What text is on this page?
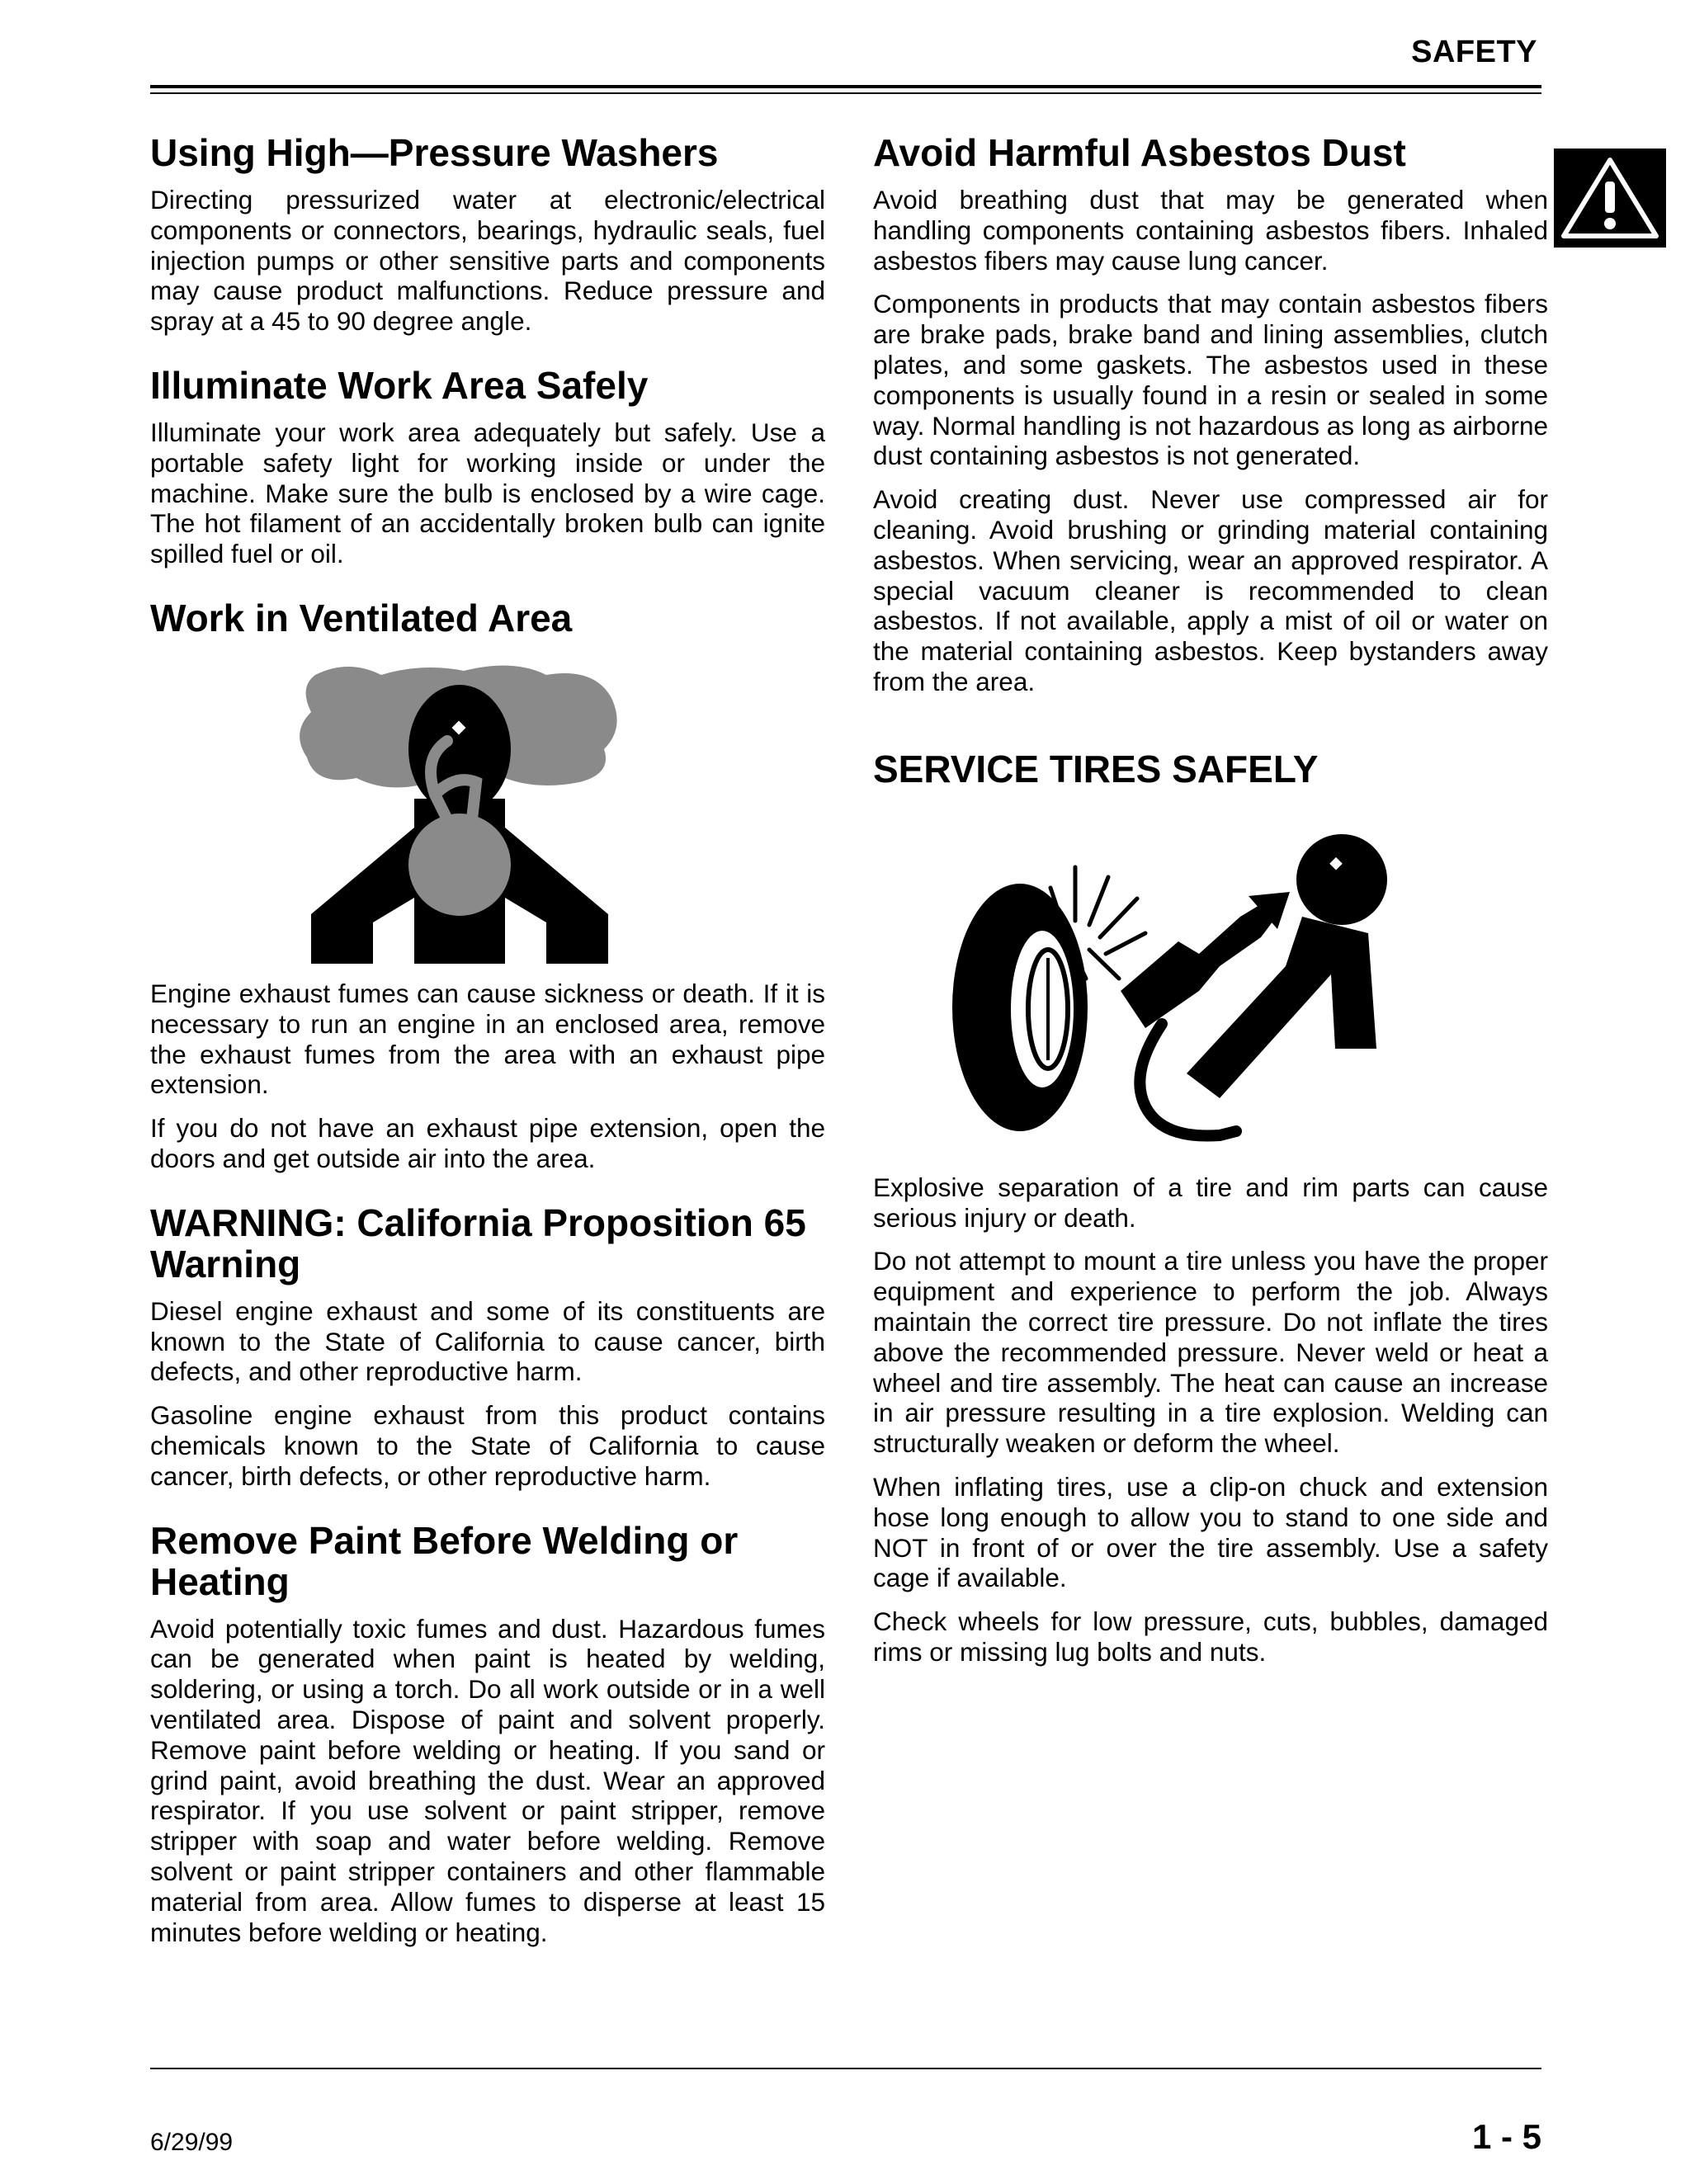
SAFETY
Using High—Pressure Washers

Directing pressurized water at electronic/electrical components or connectors, bearings, hydraulic seals, fuel injection pumps or other sensitive parts and components may cause product malfunctions. Reduce pressure and spray at a 45 to 90 degree angle.

Illuminate Work Area Safely

Illuminate your work area adequately but safely. Use a portable safety light for working inside or under the machine. Make sure the bulb is enclosed by a wire cage. The hot filament of an accidentally broken bulb can ignite spilled fuel or oil.

Work in Ventilated Area

Engine exhaust fumes can cause sickness or death. If it is necessary to run an engine in an enclosed area, remove the exhaust fumes from the area with an exhaust pipe extension.

If you do not have an exhaust pipe extension, open the doors and get outside air into the area.

WARNING: California Proposition 65 Warning

Diesel engine exhaust and some of its constituents are known to the State of California to cause cancer, birth defects, and other reproductive harm.

Gasoline engine exhaust from this product contains chemicals known to the State of California to cause cancer, birth defects, or other reproductive harm.

Remove Paint Before Welding or Heating

Avoid potentially toxic fumes and dust. Hazardous fumes can be generated when paint is heated by welding, soldering, or using a torch. Do all work outside or in a well ventilated area. Dispose of paint and solvent properly. Remove paint before welding or heating. If you sand or grind paint, avoid breathing the dust. Wear an approved respirator. If you use solvent or paint stripper, remove stripper with soap and water before welding. Remove solvent or paint stripper containers and other flammable material from area. Allow fumes to disperse at least 15 minutes before welding or heating.

Avoid Harmful Asbestos Dust

Avoid breathing dust that may be generated when handling components containing asbestos fibers. Inhaled asbestos fibers may cause lung cancer.

Components in products that may contain asbestos fibers are brake pads, brake band and lining assemblies, clutch plates, and some gaskets. The asbestos used in these components is usually found in a resin or sealed in some way. Normal handling is not hazardous as long as airborne dust containing asbestos is not generated.

Avoid creating dust. Never use compressed air for cleaning. Avoid brushing or grinding material containing asbestos. When servicing, wear an approved respirator. A special vacuum cleaner is recommended to clean asbestos. If not available, apply a mist of oil or water on the material containing asbestos. Keep bystanders away from the area.

SERVICE TIRES SAFELY

Explosive separation of a tire and rim parts can cause serious injury or death.

Do not attempt to mount a tire unless you have the proper equipment and experience to perform the job. Always maintain the correct tire pressure. Do not inflate the tires above the recommended pressure. Never weld or heat a wheel and tire assembly. The heat can cause an increase in air pressure resulting in a tire explosion. Welding can structurally weaken or deform the wheel.

When inflating tires, use a clip-on chuck and extension hose long enough to allow you to stand to one side and NOT in front of or over the tire assembly. Use a safety cage if available.

Check wheels for low pressure, cuts, bubbles, damaged rims or missing lug bolts and nuts.

6/29/99	1 - 5
